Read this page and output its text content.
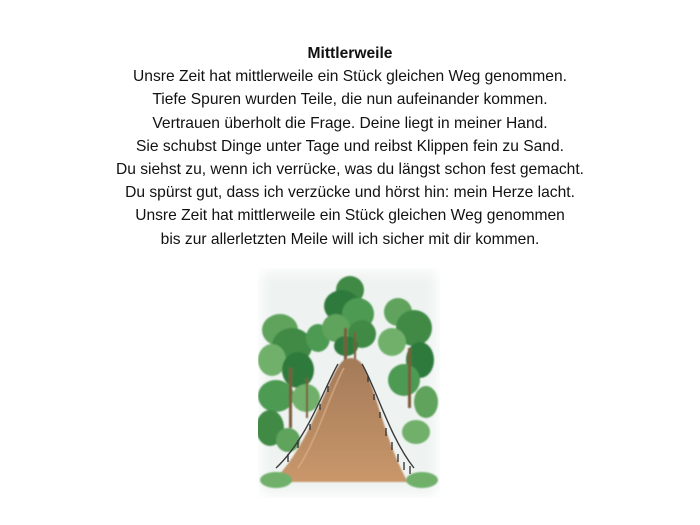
Mittlerweile

Unsre Zeit hat mittlerweile ein Stück gleichen Weg genommen.

Tiefe Spuren wurden Teile, die nun aufeinander kommen.

Vertrauen überholt die Frage. Deine liegt in meiner Hand.

Sie schubst Dinge unter Tage und reibst Klippen fein zu Sand.

Du siehst zu, wenn ich verrücke, was du längst schon fest gemacht.

Du spürst gut, dass ich verzücke und hörst hin: mein Herze lacht.

Unsre Zeit hat mittlerweile ein Stück gleichen Weg genommen

bis zur allerletzten Meile will ich sicher mit dir kommen.
